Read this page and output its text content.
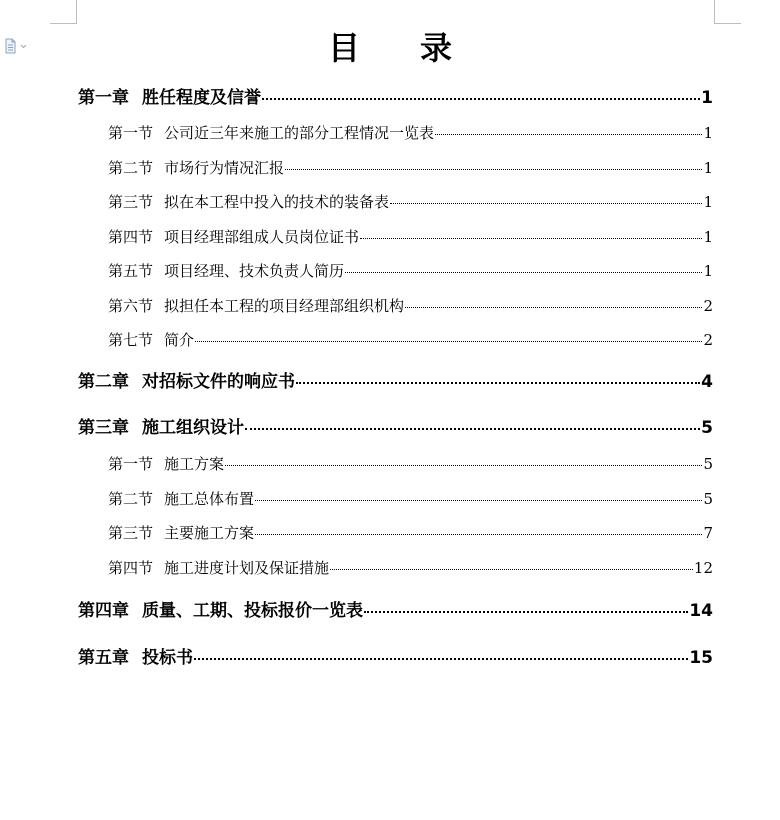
目录
第一章 胜任程度及信誉	1
第一节 公司近三年来施工的部分工程情况一览表	1
第二节 市场行为情况汇报	1
第三节 拟在本工程中投入的技术的装备表	1
第四节 项目经理部组成人员岗位证书	1
第五节 项目经理、技术负责人简历	1
第六节 拟担任本工程的项目经理部组织机构	2
第七节 简介	2
第二章 对招标文件的响应书	4
第三章 施工组织设计	5
第一节 施工方案	5
第二节 施工总体布置	5
第三节 主要施工方案	7
第四节 施工进度计划及保证措施	12
第四章 质量、工期、投标报价一览表	14
第五章 投标书	15
